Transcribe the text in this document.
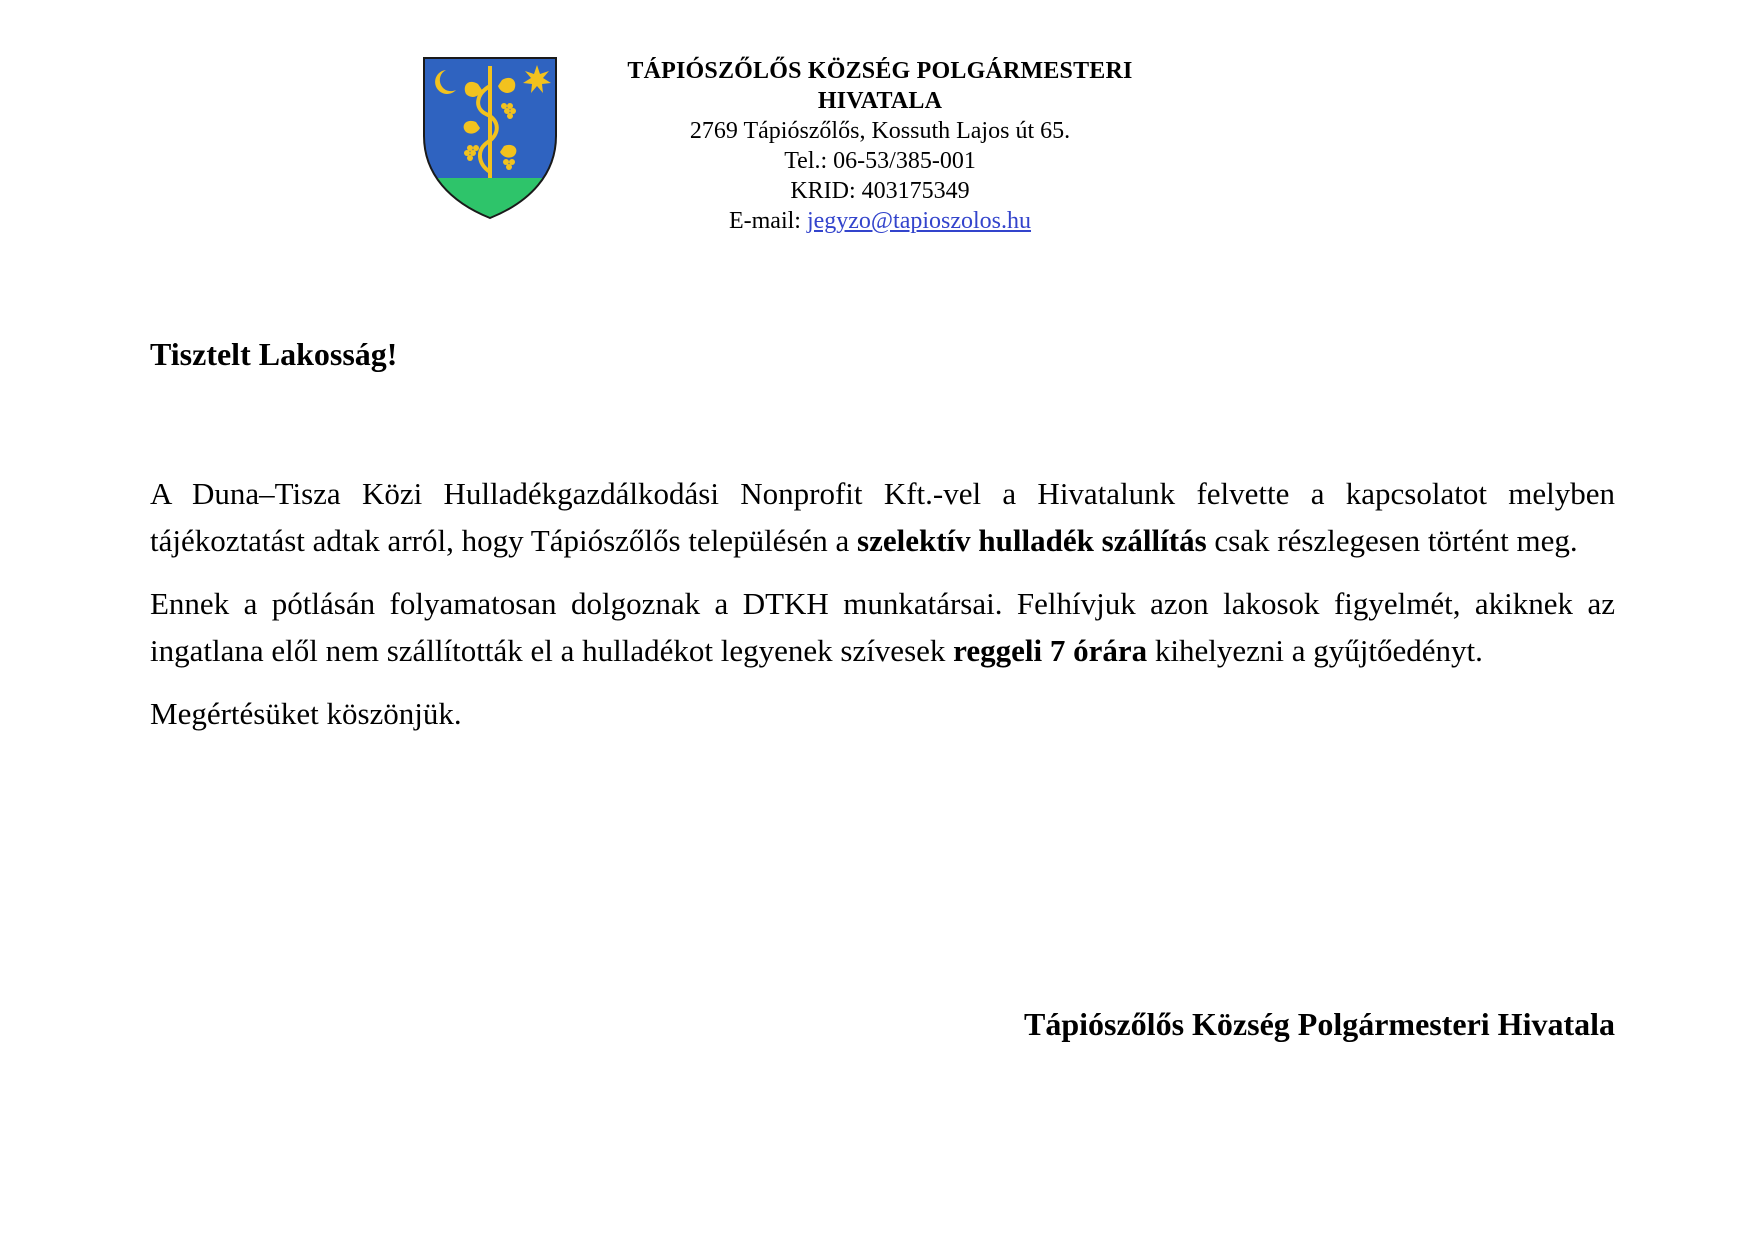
TÁPIÓSZŐLŐS KÖZSÉG POLGÁRMESTERI HIVATALA
2769 Tápiószőlős, Kossuth Lajos út 65.
Tel.: 06-53/385-001
KRID: 403175349
E-mail: jegyzo@tapioszolos.hu

Tisztelt Lakosság!

A Duna–Tisza Közi Hulladékgazdálkodási Nonprofit Kft.-vel a Hivatalunk felvette a kapcsolatot melyben tájékoztatást adtak arról, hogy Tápiószőlős településén a szelektív hulladék szállítás csak részlegesen történt meg.

Ennek a pótlásán folyamatosan dolgoznak a DTKH munkatársai. Felhívjuk azon lakosok figyelmét, akiknek az ingatlana elől nem szállították el a hulladékot legyenek szívesek reggeli 7 órára kihelyezni a gyűjtőedényt.

Megértésüket köszönjük.

Tápiószőlős Község Polgármesteri Hivatala
